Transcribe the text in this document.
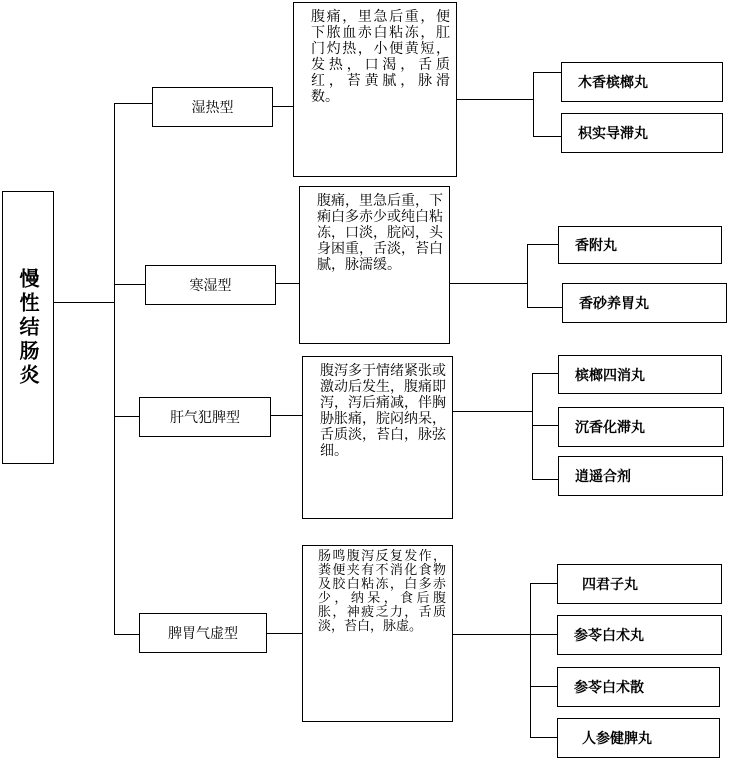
慢性结肠炎
湿热型
寒湿型
肝气犯脾型
脾胃气虚型
腹痛，里急后重，便下脓血赤白粘冻，肛门灼热，小便黄短，发热，口渴，舌质红，苔黄腻，脉滑数。
腹痛，里急后重，下痢白多赤少或纯白粘冻，口淡，脘闷，头身困重，舌淡，苔白腻，脉濡缓。
腹泻多于情绪紧张或激动后发生，腹痛即泻，泻后痛减，伴胸胁胀痛，脘闷纳呆，舌质淡，苔白，脉弦细。
肠鸣腹泻反复发作，粪便夹有不消化食物及胶白粘冻，白多赤少，纳呆，食后腹胀，神疲乏力，舌质淡，苔白，脉虚。
木香槟榔丸
枳实导滞丸
香附丸
香砂养胃丸
槟榔四消丸
沉香化滞丸
逍遥合剂
四君子丸
参苓白术丸
参苓白术散
人参健脾丸
